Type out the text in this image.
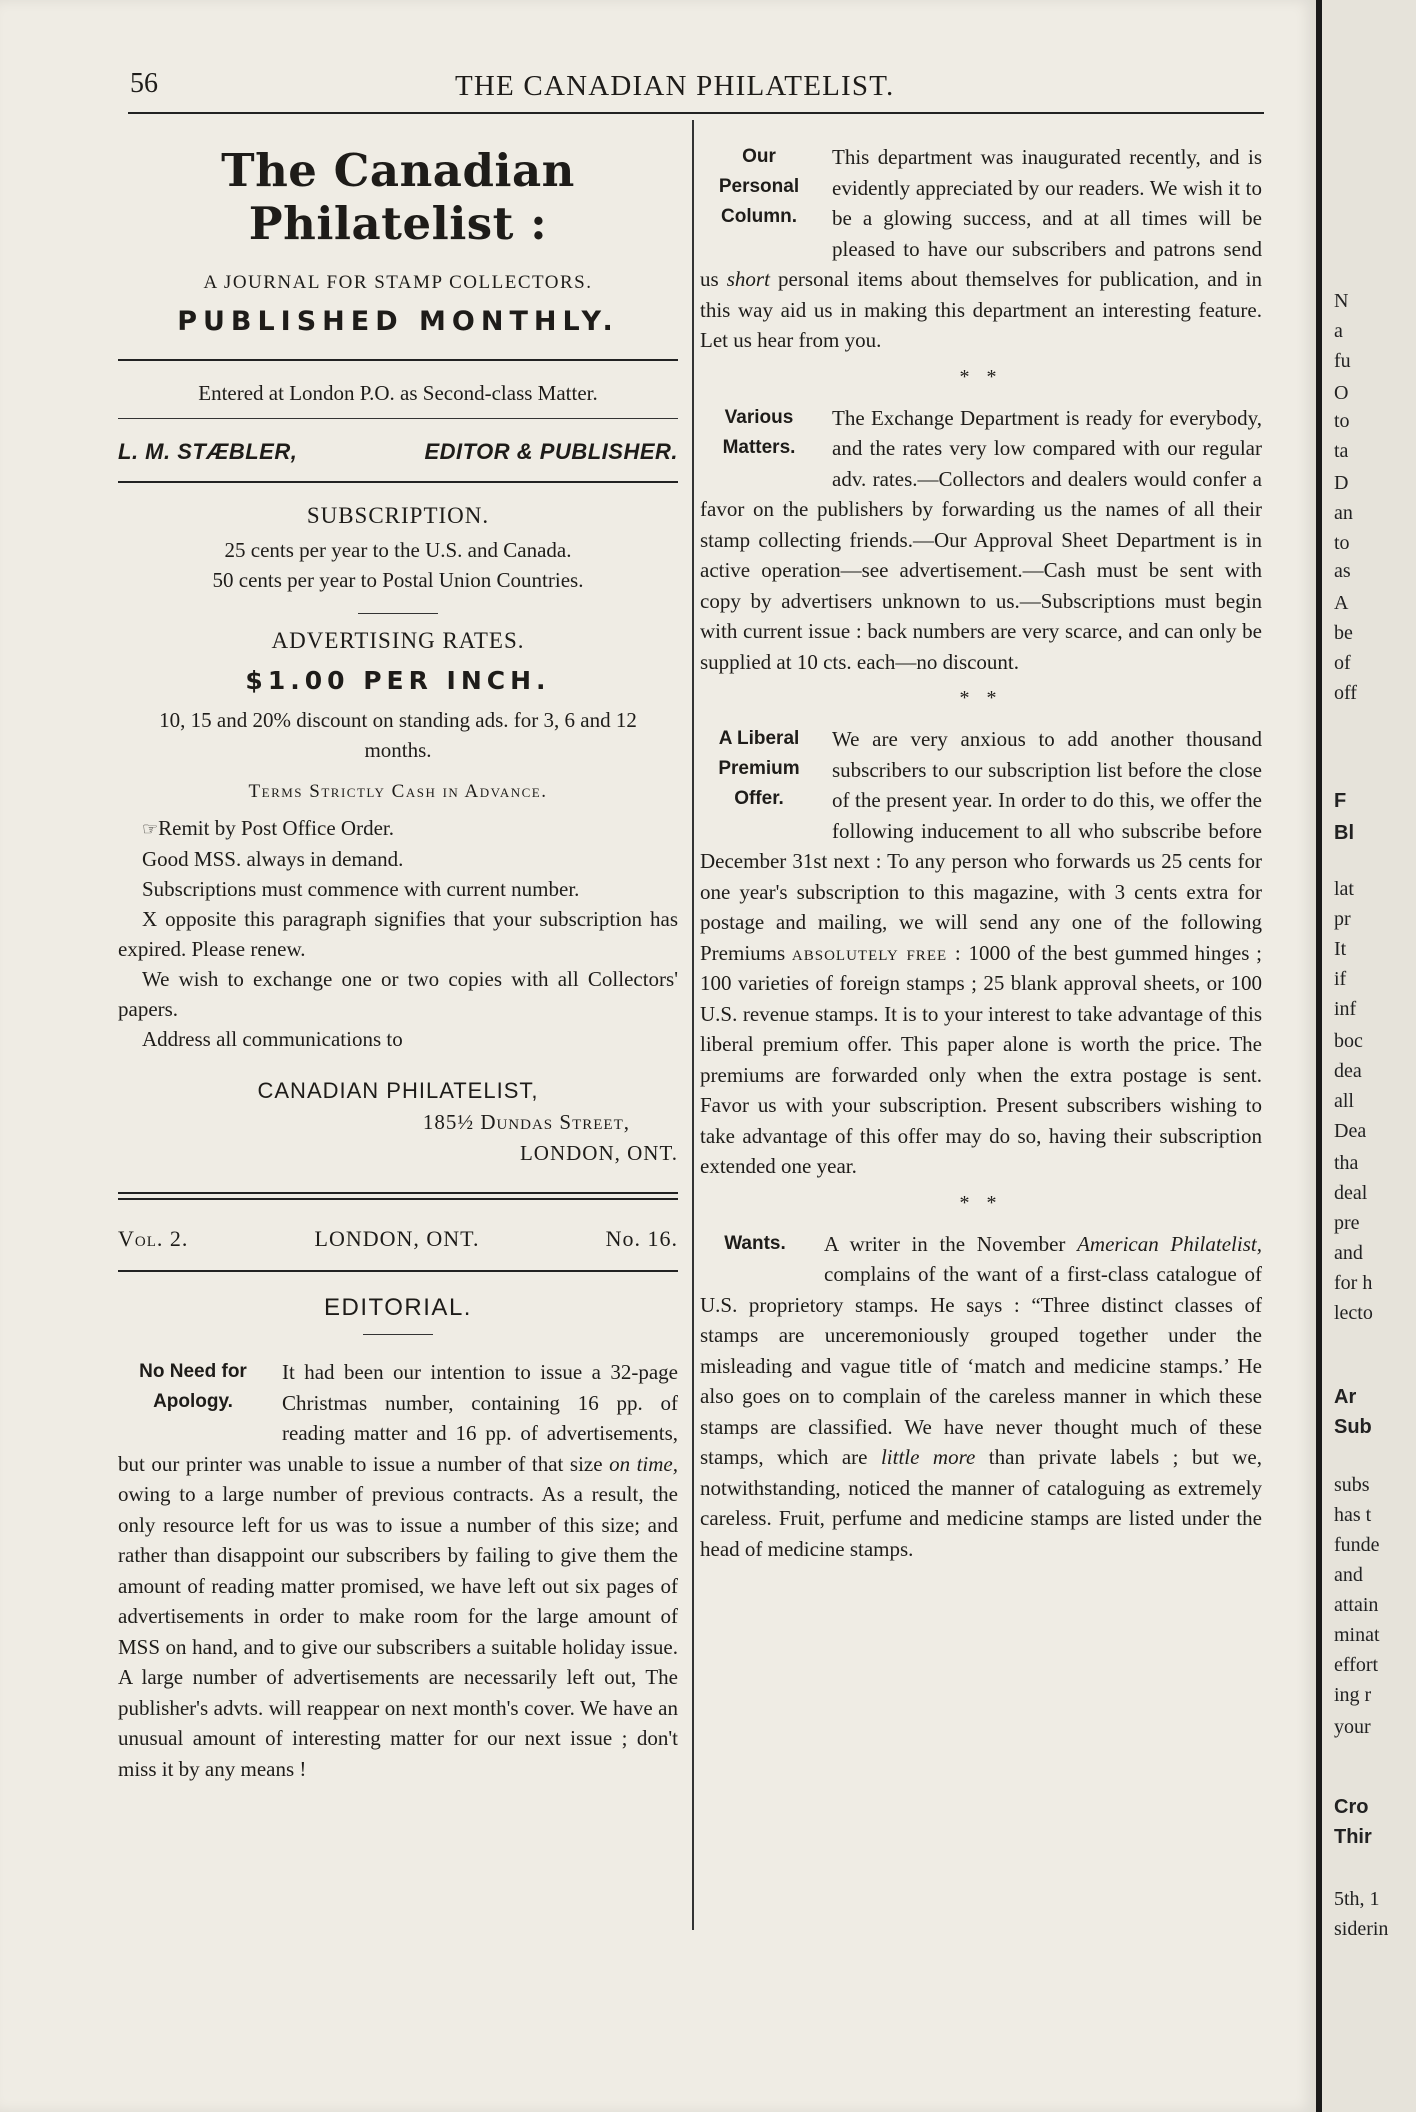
56	THE CANADIAN PHILATELIST.
The Canadian Philatelist :
A JOURNAL FOR STAMP COLLECTORS.
PUBLISHED MONTHLY.
Entered at London P.O. as Second-class Matter.
L. M. STÆBLER,	EDITOR & PUBLISHER.
SUBSCRIPTION.
25 cents per year to the U.S. and Canada.
50 cents per year to Postal Union Countries.
ADVERTISING RATES.
$1.00 PER INCH.
10, 15 and 20% discount on standing ads. for 3, 6 and 12 months.
Terms Strictly Cash in Advance.
☞Remit by Post Office Order.
Good MSS. always in demand.
Subscriptions must commence with current number.
X opposite this paragraph signifies that your subscription has expired. Please renew.
We wish to exchange one or two copies with all Collectors' papers.
Address all communications to
CANADIAN PHILATELIST,
185½ Dundas Street,
LONDON, ONT.
Vol. 2.	LONDON, ONT.	No. 16.
EDITORIAL.
No Need for Apology.
It had been our intention to issue a 32-page Christmas number, containing 16 pp. of reading matter and 16 pp. of advertisements, but our printer was unable to issue a number of that size on time, owing to a large number of previous contracts. As a result, the only resource left for us was to issue a number of this size; and rather than disappoint our subscribers by failing to give them the amount of reading matter promised, we have left out six pages of advertisements in order to make room for the large amount of MSS on hand, and to give our subscribers a suitable holiday issue. A large number of advertisements are necessarily left out, The publisher's advts. will reappear on next month's cover. We have an unusual amount of interesting matter for our next issue ; don't miss it by any means !
Our Personal Column.
This department was inaugurated recently, and is evidently appreciated by our readers. We wish it to be a glowing success, and at all times will be pleased to have our subscribers and patrons send us short personal items about themselves for publication, and in this way aid us in making this department an interesting feature. Let us hear from you.
* *
Various Matters.
The Exchange Department is ready for everybody, and the rates very low compared with our regular adv. rates.—Collectors and dealers would confer a favor on the publishers by forwarding us the names of all their stamp collecting friends.—Our Approval Sheet Department is in active operation—see advertisement.—Cash must be sent with copy by advertisers unknown to us.—Subscriptions must begin with current issue : back numbers are very scarce, and can only be supplied at 10 cts. each—no discount.
* *
A Liberal Premium Offer.
We are very anxious to add another thousand subscribers to our subscription list before the close of the present year. In order to do this, we offer the following inducement to all who subscribe before December 31st next : To any person who forwards us 25 cents for one year's subscription to this magazine, with 3 cents extra for postage and mailing, we will send any one of the following Premiums absolutely free : 1000 of the best gummed hinges ; 100 varieties of foreign stamps ; 25 blank approval sheets, or 100 U.S. revenue stamps. It is to your interest to take advantage of this liberal premium offer. This paper alone is worth the price. The premiums are forwarded only when the extra postage is sent. Favor us with your subscription. Present subscribers wishing to take advantage of this offer may do so, having their subscription extended one year.
* *
Wants.	A writer in the November American Philatelist, complains of the want of a first-class catalogue of U.S. proprietory stamps. He says : “Three distinct classes of stamps are unceremoniously grouped together under the misleading and vague title of ‘match and medicine stamps.’ He also goes on to complain of the careless manner in which these stamps are classified. We have never thought much of these stamps, which are little more than private labels ; but we, notwithstanding, noticed the manner of cataloguing as extremely careless. Fruit, perfume and medicine stamps are listed under the head of medicine stamps.
N
a
fu
O
to
ta
D
an
to
as
A
be
of
off
F
Bl
lat
pr
It
if
inf
boc
dea
all
Dea
tha
deal
pre
and
for h
lecto
Ar
Sub
subs
has t
funde
and
attain
minat
effort
ing r
your
Cro
Thir
5th, 1
siderin
